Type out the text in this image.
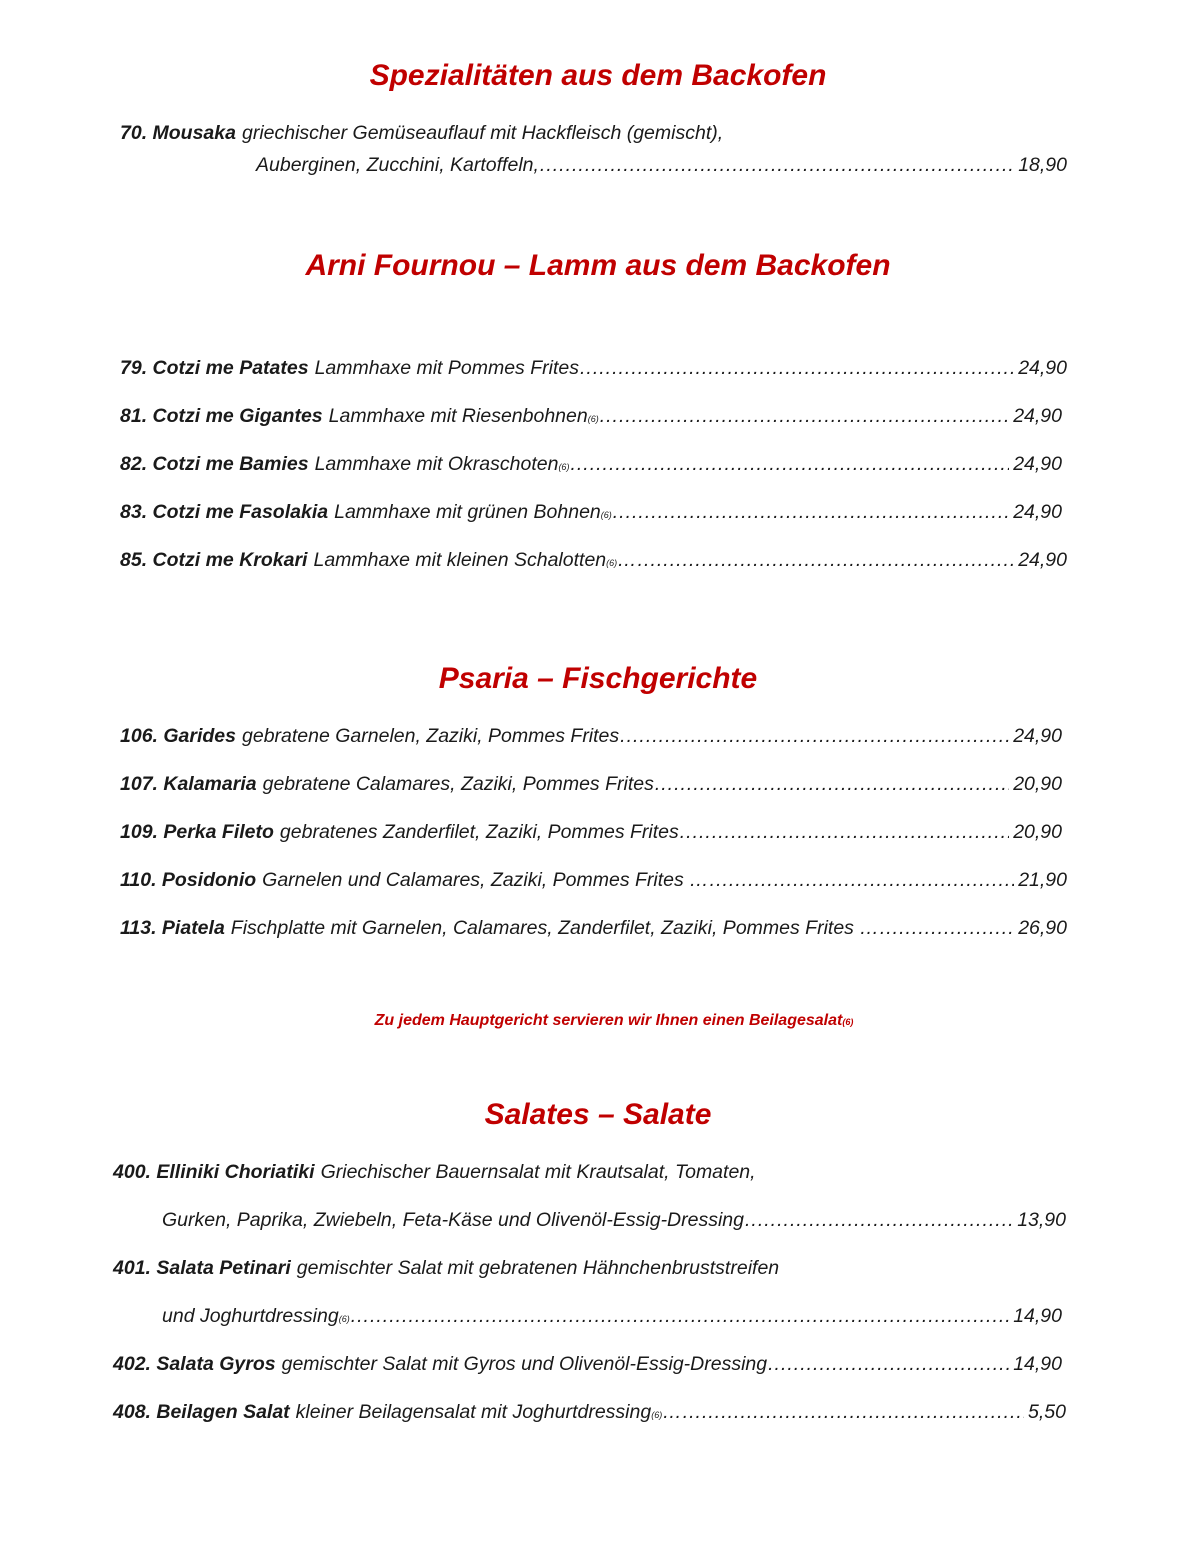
Spezialitäten aus dem Backofen
70. Mousaka griechischer Gemüseauflauf mit Hackfleisch (gemischt),
Auberginen, Zucchini, Kartoffeln, .....	18,90
Arni Fournou – Lamm aus dem Backofen
79. Cotzi me Patates Lammhaxe mit Pommes Frites .....	24,90
81. Cotzi me Gigantes Lammhaxe mit Riesenbohnen (6) .....	24,90
82. Cotzi me Bamies Lammhaxe mit Okraschoten (6) .....	24,90
83. Cotzi me Fasolakia Lammhaxe mit grünen Bohnen (6) .....	24,90
85. Cotzi me Krokari Lammhaxe mit kleinen Schalotten (6) … .....	24,90
Psaria – Fischgerichte
106. Garides gebratene Garnelen, Zaziki, Pommes Frites .....	24,90
107. Kalamaria gebratene Calamares, Zaziki, Pommes Frites .....	20,90
109. Perka Fileto gebratenes Zanderfilet, Zaziki, Pommes Frites .....	20,90
110. Posidonio Garnelen und Calamares, Zaziki, Pommes Frites … .....	21,90
113. Piatela Fischplatte mit Garnelen, Calamares, Zanderfilet, Zaziki, Pommes Frites … .....	26,90
Salates – Salate
400. Elliniki Choriatiki Griechischer Bauernsalat mit Krautsalat, Tomaten,
Gurken, Paprika, Zwiebeln, Feta-Käse und Olivenöl-Essig-Dressing .....	13,90
401. Salata Petinari gemischter Salat mit gebratenen Hähnchenbruststreifen
und Joghurtdressing (6) .....	14,90
402. Salata Gyros gemischter Salat mit Gyros und Olivenöl-Essig-Dressing .....	14,90
408. Beilagen Salat kleiner Beilagensalat mit Joghurtdressing (6) … .....	5,50
Zu jedem Hauptgericht servieren wir Ihnen einen Beilagesalat(6)
